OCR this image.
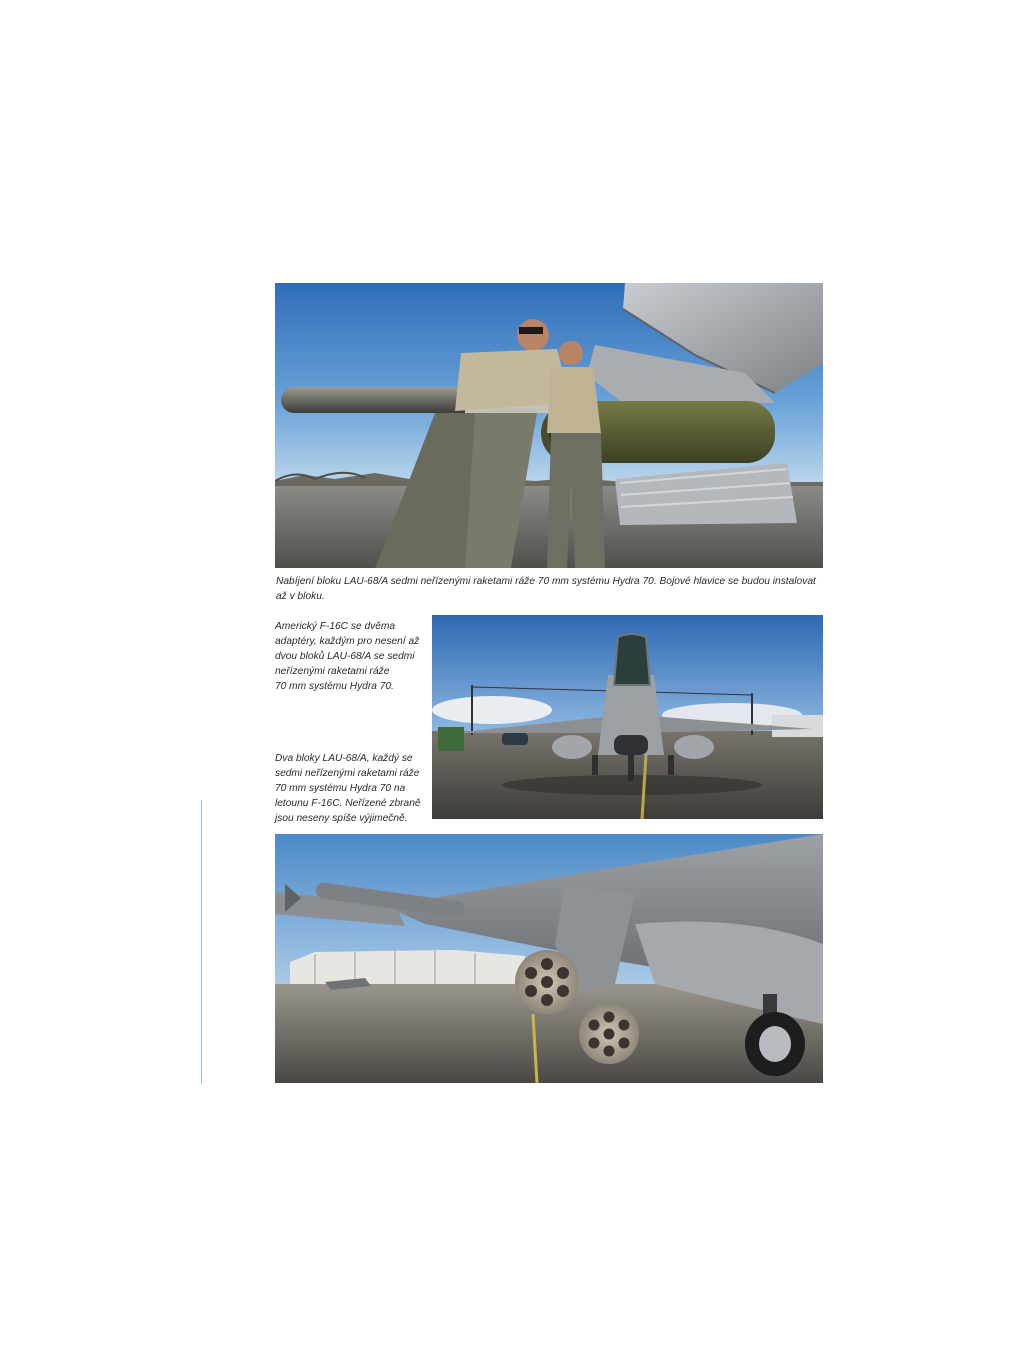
Nabíjení bloku LAU-68/A sedmi neřízenými raketami ráže 70 mm systému Hydra 70. Bojové hlavice se budou instalovat až v bloku.

Americký F-16C se dvěma
adaptéry, každým pro nesení až
dvou bloků LAU-68/A se sedmi
neřízenými raketami ráže
70 mm systému Hydra 70.

Dva bloky LAU-68/A, každý se
sedmi neřízenými raketami ráže
70 mm systému Hydra 70 na
letounu F-16C. Neřízené zbraně
jsou neseny spíše výjimečně.
